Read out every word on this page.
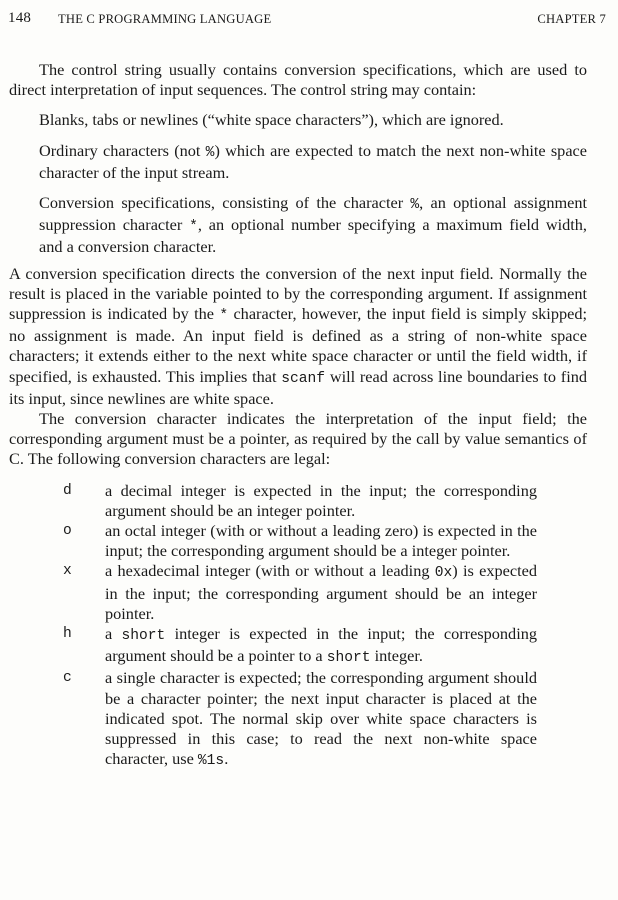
148 THE C PROGRAMMING LANGUAGE	CHAPTER 7

The control string usually contains conversion specifications, which are used to direct interpretation of input sequences. The control string may contain:

Blanks, tabs or newlines (“white space characters”), which are ignored.
Ordinary characters (not %) which are expected to match the next non-white space character of the input stream.
Conversion specifications, consisting of the character %, an optional assignment suppression character *, an optional number specifying a maximum field width, and a conversion character.

A conversion specification directs the conversion of the next input field. Normally the result is placed in the variable pointed to by the corresponding argument. If assignment suppression is indicated by the * character, however, the input field is simply skipped; no assignment is made. An input field is defined as a string of non-white space characters; it extends either to the next white space character or until the field width, if specified, is exhausted. This implies that scanf will read across line boundaries to find its input, since newlines are white space.

The conversion character indicates the interpretation of the input field; the corresponding argument must be a pointer, as required by the call by value semantics of C. The following conversion characters are legal:

d	a decimal integer is expected in the input; the corresponding argument should be an integer pointer.
o	an octal integer (with or without a leading zero) is expected in the input; the corresponding argument should be a integer pointer.
x	a hexadecimal integer (with or without a leading 0x) is expected in the input; the corresponding argument should be an integer pointer.
h	a short integer is expected in the input; the corresponding argument should be a pointer to a short integer.
c	a single character is expected; the corresponding argument should be a character pointer; the next input character is placed at the indicated spot. The normal skip over white space characters is suppressed in this case; to read the next non-white space character, use %1s.
